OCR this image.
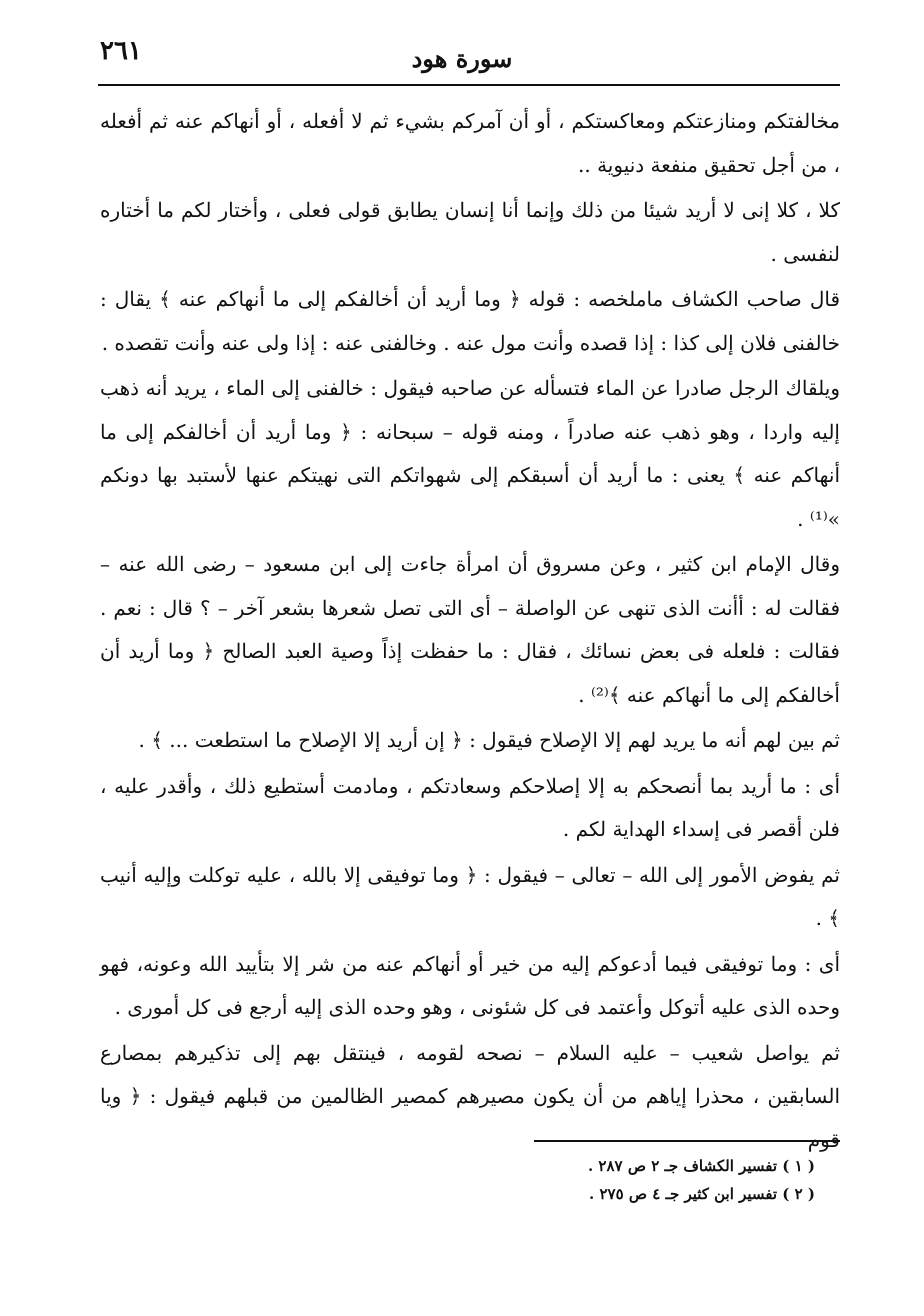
٢٦١	سورة هود

مخالفتكم ومنازعتكم ومعاكستكم ، أو أن آمركم بشيء ثم لا أفعله ، أو أنهاكم عنه ثم أفعله ، من أجل تحقيق منفعة دنيوية ..

كلا ، كلا إنى لا أريد شيئا من ذلك وإنما أنا إنسان يطابق قولى فعلى ، وأختار لكم ما أختاره لنفسى .

قال صاحب الكشاف ماملخصه : قوله ﴿ وما أريد أن أخالفكم إلى ما أنهاكم عنه ﴾ يقال : خالفنى فلان إلى كذا : إذا قصده وأنت مول عنه . وخالفنى عنه : إذا ولى عنه وأنت تقصده .

ويلقاك الرجل صادرا عن الماء فتسأله عن صاحبه فيقول : خالفنى إلى الماء ، يريد أنه ذهب إليه واردا ، وهو ذهب عنه صادراً ، ومنه قوله – سبحانه : ﴿ وما أريد أن أخالفكم إلى ما أنهاكم عنه ﴾ يعنى : ما أريد أن أسبقكم إلى شهواتكم التى نهيتكم عنها لأستبد بها دونكم »⁽¹⁾ .

وقال الإمام ابن كثير ، وعن مسروق أن امرأة جاءت إلى ابن مسعود – رضى الله عنه – فقالت له : أأنت الذى تنهى عن الواصلة – أى التى تصل شعرها بشعر آخر – ؟ قال : نعم . فقالت : فلعله فى بعض نسائك ، فقال : ما حفظت إذاً وصية العبد الصالح ﴿ وما أريد أن أخالفكم إلى ما أنهاكم عنه ﴾⁽²⁾ .

ثم بين لهم أنه ما يريد لهم إلا الإصلاح فيقول : ﴿ إن أريد إلا الإصلاح ما استطعت ... ﴾ .

أى : ما أريد بما أنصحكم به إلا إصلاحكم وسعادتكم ، ومادمت أستطيع ذلك ، وأقدر عليه ، فلن أقصر فى إسداء الهداية لكم .

ثم يفوض الأمور إلى الله – تعالى – فيقول : ﴿ وما توفيقى إلا بالله ، عليه توكلت وإليه أنيب ﴾ .

أى : وما توفيقى فيما أدعوكم إليه من خير أو أنهاكم عنه من شر إلا بتأييد الله وعونه، فهو وحده الذى عليه أتوكل وأعتمد فى كل شئونى ، وهو وحده الذى إليه أرجع فى كل أمورى .

ثم يواصل شعيب – عليه السلام – نصحه لقومه ، فينتقل بهم إلى تذكيرهم بمصارع السابقين ، محذرا إياهم من أن يكون مصيرهم كمصير الظالمين من قبلهم فيقول : ﴿ ويا قوم

( ١ ) تفسير الكشاف جـ ٢ ص ٢٨٧ .

( ٢ ) تفسير ابن كثير جـ ٤ ص ٢٧٥ .
